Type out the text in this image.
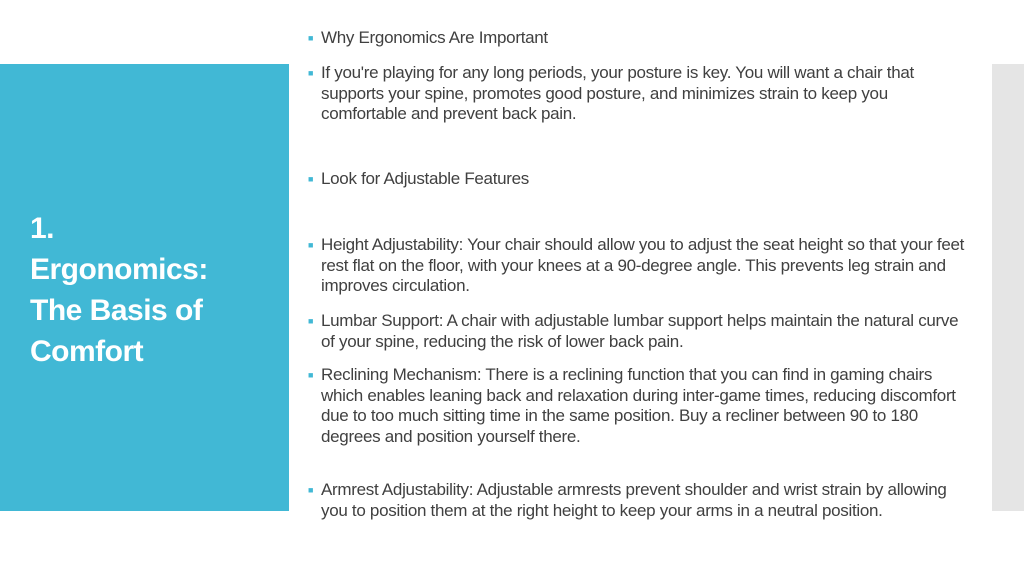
1.
Ergonomics:
The Basis of
Comfort
■ Why Ergonomics Are Important
■ If you're playing for any long periods, your posture is key. You will want a chair that supports your spine, promotes good posture, and minimizes strain to keep you comfortable and prevent back pain.
■ Look for Adjustable Features
■ Height Adjustability: Your chair should allow you to adjust the seat height so that your feet rest flat on the floor, with your knees at a 90-degree angle. This prevents leg strain and improves circulation.
■ Lumbar Support: A chair with adjustable lumbar support helps maintain the natural curve of your spine, reducing the risk of lower back pain.
■ Reclining Mechanism: There is a reclining function that you can find in gaming chairs which enables leaning back and relaxation during inter-game times, reducing discomfort due to too much sitting time in the same position. Buy a recliner between 90 to 180 degrees and position yourself there.
■ Armrest Adjustability: Adjustable armrests prevent shoulder and wrist strain by allowing you to position them at the right height to keep your arms in a neutral position.
